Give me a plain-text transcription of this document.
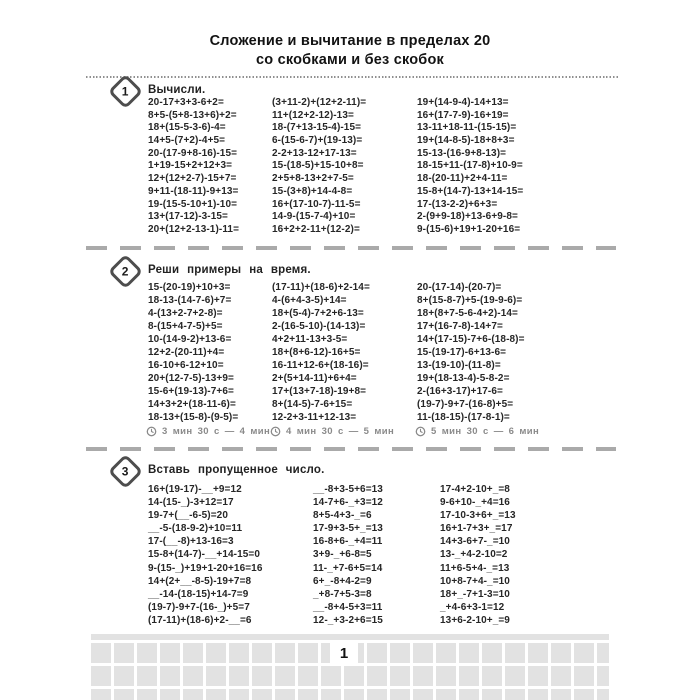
Сложение и вычитание в пределах 20
со скобками и без скобок
1 Вычисли.
20-17+3+3-6+2=
8+5-(5+8-13+6)+2=
18+(15-5-3-6)-4=
14+5-(7+2)-4+5=
20-(17-9+8-16)-15=
1+19-15+2+12+3=
12+(12+2-7)-15+7=
9+11-(18-11)-9+13=
19-(15-5-10+1)-10=
13+(17-12)-3-15=
20+(12+2-13-1)-11=
(3+11-2)+(12+2-11)=
11+(12+2-12)-13=
18-(7+13-15-4)-15=
6-(15-6-7)+(19-13)=
2-2+13-12+17-13=
15-(18-5)+15-10+8=
2+5+8-13+2+7-5=
15-(3+8)+14-4-8=
16+(17-10-7)-11-5=
14-9-(15-7-4)+10=
16+2+2-11+(12-2)=
19+(14-9-4)-14+13=
16+(17-7-9)-16+19=
13-11+18-11-(15-15)=
19+(14-8-5)-18+8+3=
15-13-(16-9+8-13)=
18-15+11-(17-8)+10-9=
18-(20-11)+2+4-11=
15-8+(14-7)-13+14-15=
17-(13-2-2)+6+3=
2-(9+9-18)+13-6+9-8=
9-(15-6)+19+1-20+16=
2 Реши примеры на время.
15-(20-19)+10+3=
18-13-(14-7-6)+7=
4-(13+2-7+2-8)=
8-(15+4-7-5)+5=
10-(14-9-2)+13-6=
12+2-(20-11)+4=
16-10+6-12+10=
20+(12-7-5)-13+9=
15-6+(19-13)-7+6=
14+3+2+(18-11-6)=
18-13+(15-8)-(9-5)=
(17-11)+(18-6)+2-14=
4-(6+4-3-5)+14=
18+(5-4)-7+2+6-13=
2-(16-5-10)-(14-13)=
4+2+11-13+3-5=
18+(8+6-12)-16+5=
16-11+12-6+(18-16)=
2+(5+14-11)+6+4=
17+(13+7-18)-19+8=
8+(14-5)-7-6+15=
12-2+3-11+12-13=
20-(17-14)-(20-7)=
8+(15-8-7)+5-(19-9-6)=
18+(8+7-5-6-4+2)-14=
17+(16-7-8)-14+7=
14+(17-15)-7+6-(18-8)=
15-(19-17)-6+13-6=
13-(19-10)-(11-8)=
19+(18-13-4)-5-8-2=
2-(16+3-17)+17-6=
(19-7)-9+7-(16-8)+5=
11-(18-15)-(17-8-1)=
3 мин 30 с — 4 мин 4 мин 30 с — 5 мин	5 мин 30 с — 6 мин
3 Вставь пропущенное число.
16+(19-17)-__+9=12
14-(15-_)-3+12=17
19-7+(__-6-5)=20
__-5-(18-9-2)+10=11
17-(__-8)+13-16=3
15-8+(14-7)-__+14-15=0
9-(15-_)+19+1-20+16=16
14+(2+__-8-5)-19+7=8
__-14-(18-15)+14-7=9
(19-7)-9+7-(16-_)+5=7
(17-11)+(18-6)+2-__=6
__-8+3-5+6=13
14-7+6-_+3=12
8+5-4+3-_=6
17-9+3-5+_=13
16-8+6-_+4=11
3+9-_+6-8=5
11-_+7-6+5=14
6+_-8+4-2=9
_+8-7+5-3=8
__-8+4-5+3=11
12-_+3-2+6=15
17-4+2-10+_=8
9-6+10-_+4=16
17-10-3+6+_=13
16+1-7+3+_=17
14+3-6+7-_=10
13-_+4-2-10=2
11+6-5+4-_=13
10+8-7+4-_=10
18+_-7+1-3=10
_+4-6+3-1=12
13+6-2-10+_=9
1
